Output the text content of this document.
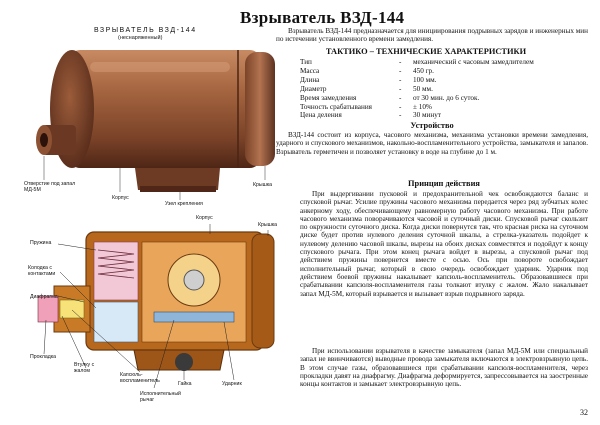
Взрыватель ВЗД-144
ВЗРЫВАТЕЛЬ ВЗД-144
(неснаряженный)
Отверстие под запал МД-5М
Корпус
Узел крепления
Крышка
Взрыватель ВЗД-144 предназначается для инициирования подрывных зарядов и инженерных мин по истечении установленного времени замедления.
ТАКТИКО – ТЕХНИЧЕСКИЕ ХАРАКТЕРИСТИКИ
Тип	-	механический с часовым замедлителем
Масса	-	450 гр.
Длина	-	100 мм.
Диаметр	-	50 мм.
Время замедления	-	от 30 мин. до 6 суток.
Точность срабатывания	-	± 10%
Цена деления	-	30 минут
Устройство
ВЗД-144 состоит из корпуса, часового механизма, механизма установки времени замедления, ударного и спускового механизмов, накольно-воспламенительного устройства, замыкателя и запалов. Взрыватель герметичен и позволяет установку в воде на глубине до 1 м.
Принцип действия
При выдергивании пусковой и предохранительной чек освобождаются баланс и спусковой рычаг. Усилие пружины часового механизма передается через ряд зубчатых колес анкерному ходу, обеспечивающему равномерную работу часового механизма. При работе часового механизма поворачиваются часовой и суточный диски. Спусковой рычаг скользит по окружности суточного диска. Когда диски повернутся так, что красная риска на суточном диске будет против нулевого деления суточной шкалы, а стрелка-указатель подойдет к нулевому делению часовой шкалы, вырезы на обоих дисках совместятся и подойдут к концу спускового рычага. При этом конец рычага войдет в вырезы, а спусковой рычаг под действием пружины повернется вместе с осью. Ось при повороте освобождает исполнительный рычаг, который в свою очередь освобождает ударник. Ударник под действием боевой пружины накалывает капсюль-воспламенитель. Образовавшиеся при срабатывании капсюля-воспламенителя газы толкают втулку с жалом. Жало накалывает запал МД-5М, который взрывается и вызывает взрыв подрывного заряда.
При использовании взрывателя в качестве замыкателя (запал МД-5М или специальный запал не ввинчиваются) выводные провода замыкателя включаются в электровзрывную цепь. В этом случае газы, образовавшиеся при срабатывании капсюля-воспламенителя, через прокладки давят на диафрагму. Диафрагма деформируется, запрессовывается на заостренные концы контактов и замыкает электровзрывную цепь.
Корпус
Крышка
Пружина
Колодка с контактами
Диафрагма
Прокладка
Втулку с жалом
Капсюль-воспламенитель	Гайка	Ударник
Исполнительный рычаг
32
